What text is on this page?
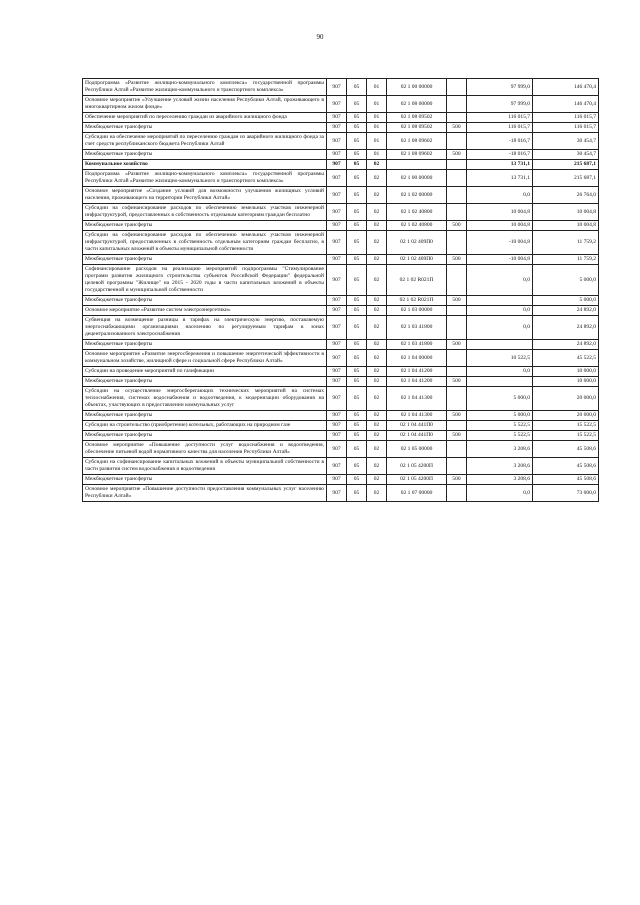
90
Подпрограмма «Развитие жилищно-коммунального комплекса» государственной программы Республики Алтай «Развитие жилищно-коммунального и транспортного комплекса»	907	05	01	02 1 00 00000		97 999,0	146 470,4
Основное мероприятие «Улучшение условий жизни населения Республики Алтай, проживающего в многоквартирном жилом фонде»	907	05	01	02 1 08 00000		97 999,0	146 470,4
Обеспечение мероприятий по переселению граждан из аварийного жилищного фонда	907	05	01	02 1 08 09502		116 015,7	116 015,7
Межбюджетные трансферты	907	05	01	02 1 08 09502	500	116 015,7	116 015,7
Субсидии на обеспечение мероприятий по переселению граждан из аварийного жилищного фонда за счет средств республиканского бюджета Республики Алтай	907	05	01	02 1 08 09602		-18 016,7	30 454,7
Межбюджетные трансферты	907	05	01	02 1 08 09602	500	-18 016,7	30 454,7
Коммунальное хозяйство	907	05	02			13 731,1	215 687,1
Подпрограмма «Развитие жилищно-коммунального комплекса» государственной программы Республики Алтай «Развитие жилищно-коммунального и транспортного комплекса»	907	05	02	02 1 00 00000		13 731,1	215 687,1
Основное мероприятие «Создание условий для возможности улучшения жилищных условий населения, проживающего на территории Республики Алтай»	907	05	02	02 1 02 00000		0,0	26 764,0
Субсидии на софинансирование расходов по обеспечению земельных участков инженерной инфраструктурой, предоставленных в собственность отдельным категориям граждан бесплатно	907	05	02	02 1 02 40800		10 004,8	10 004,8
Межбюджетные трансферты	907	05	02	02 1 02 40800	500	10 004,8	10 004,8
Субсидии на софинансирование расходов по обеспечению земельных участков инженерной инфраструктурой, предоставленных в собственность отдельным категориям граждан бесплатно, в части капитальных вложений в объекты муниципальной собственности	907	05	02	02 1 02 409П0		-10 004,8	11 759,2
Межбюджетные трансферты	907	05	02	02 1 02 409П0	500	-10 004,8	11 759,2
Софинансирование расходов на реализацию мероприятий подпрограммы "Стимулирование программ развития жилищного строительства субъектов Российской Федерации" федеральной целевой программы "Жилище" на 2015 - 2020 годы в части капитальных вложений в объекты государственной и муниципальной собственности	907	05	02	02 1 02 R021П		0,0	5 000,0
Межбюджетные трансферты	907	05	02	02 1 02 R021П	500		5 000,0
Основное мероприятие «Развитие систем электроэнергетики»	907	05	02	02 1 03 00000		0,0	24 892,0
Субвенция на возмещение разницы в тарифах на электрическую энергию, поставляемую энергоснабжающими организациями населению по регулируемым тарифам в зонах децентрализованного электроснабжения	907	05	02	02 1 03 41800		0,0	24 892,0
Межбюджетные трансферты	907	05	02	02 1 03 41800	500		24 892,0
Основное мероприятие «Развитие энергосбережения и повышение энергетической эффективности в коммунальном хозяйстве, жилищной сфере и социальной сфере Республики Алтай»	907	05	02	02 1 04 00000		10 522,5	45 522,5
Субсидии на проведение мероприятий по газификации	907	05	02	02 1 04 41200		0,0	10 000,0
Межбюджетные трансферты	907	05	02	02 1 04 41200	500		10 000,0
Субсидии на осуществление энергосберегающих технических мероприятий на системах теплоснабжения, системах водоснабжения и водоотведения, к модернизации оборудования на объектах, участвующих в предоставлении коммунальных услуг	907	05	02	02 1 04 41300		5 000,0	20 000,0
Межбюджетные трансферты	907	05	02	02 1 04 41300	500	5 000,0	20 000,0
Субсидии на строительство (приобретение) котельных, работающих на природном газе	907	05	02	02 1 04 441П0		5 522,5	15 522,5
Межбюджетные трансферты	907	05	02	02 1 04 441П0	500	5 522,5	15 522,5
Основное мероприятие «Повышение доступности услуг водоснабжения и водоотведения, обеспечение питьевой водой нормативного качества для населения Республики Алтай»	907	05	02	02 1 05 00000		3 208,6	45 508,6
Субсидии на софинансирование капитальных вложений в объекты муниципальной собственности в части развития систем водоснабжения и водоотведения	907	05	02	02 1 05 4200П		3 208,6	45 508,6
Межбюджетные трансферты	907	05	02	02 1 05 4200П	500	3 208,6	45 508,6
Основное мероприятие «Повышение доступности предоставления коммунальных услуг населению Республики Алтай»	907	05	02	02 1 07 00000		0,0	73 000,0
